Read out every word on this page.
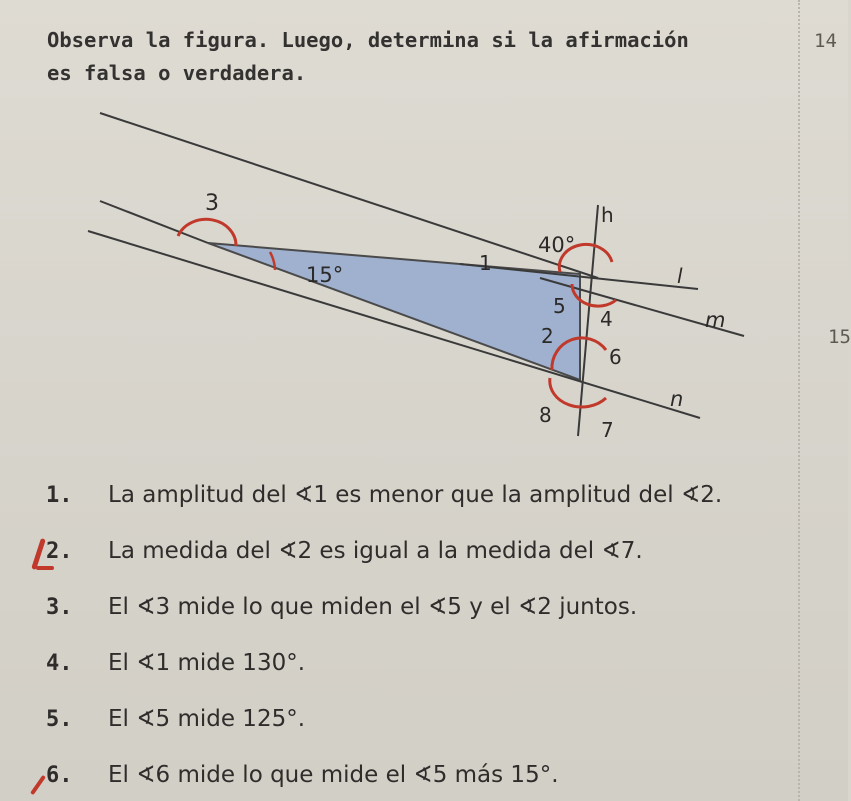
Observa la figura. Luego, determina si la afirmación
es falsa o verdadera.
14
15
3
15°	1
40°
h
l
m
5
4
2
6
n
8
7
1. La amplitud del ∢1 es menor que la amplitud del ∢2.
2. La medida del ∢2 es igual a la medida del ∢7.
3. El ∢3 mide lo que miden el ∢5 y el ∢2 juntos.
4. El ∢1 mide 130°.
5. El ∢5 mide 125°.
6. El ∢6 mide lo que mide el ∢5 más 15°.
